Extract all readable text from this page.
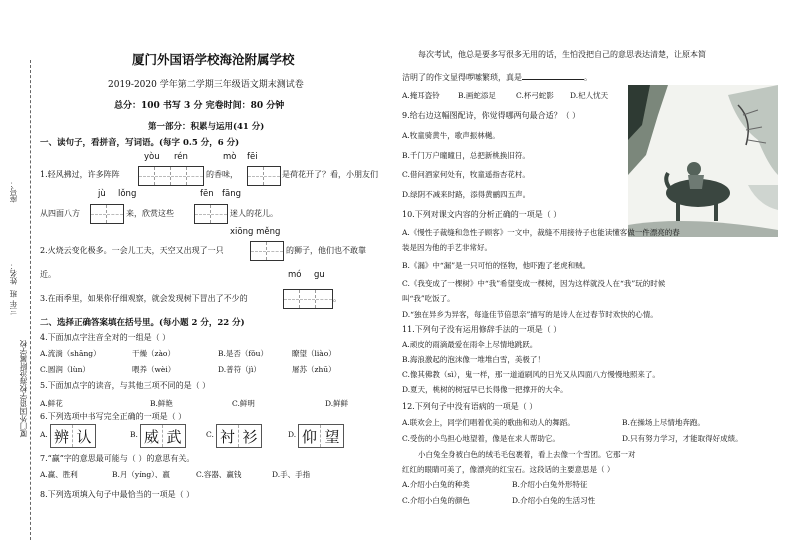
座号：
姓名：
三年 班
厦门外国语学校海沧附属学校
厦门外国语学校海沧附属学校
2019-2020 学年第二学期三年级语文期末测试卷
总分：100 书写 3 分 完卷时间：80 分钟
第一部分：积累与运用(41 分)
一、读句子，看拼音，写词语。(每字 0.5 分，6 分)
yòu rén	mò fēi
1.轻风拂过，许多阵阵	的香味，	是荷花开了？看，小朋友们
jù lǒng	fēn fāng
从四面八方	来，欣赏这些	迷人的花儿。
xiōng měng
2.火烧云变化极多。一会儿工夫，天空又出现了一只	的狮子，他们也不敢靠
近。	mó gu
3.在雨季里，如果你仔细观察，就会发现树下冒出了不少的	。
二、选择正确答案填在括号里。(每小题 2 分，22 分)
4.下面加点字注音全对的一组是（ ）
A.流淌（shāng）	干燥（zào）	B.是否（fǒu）	瞭望（liào）
C.圆润（lùn）	喂养（wèi）	D.普符（jì）	屠苏（zhū）
5.下面加点字的读音，与其他三项不同的是（ ）
A.鲜花	B.鲜艳	C.鲜明	D.鲜鲜
6.下列选项中书写完全正确的一项是（ ）
A. 辨 认	B. 威 武	C. 衬 衫	D. 仰 望
7.“赢”字的意思最可能与（ ）的意思有关。
A.赢、胜利	B.月（yíng）、嬴	C.容器、赢钱	D.手、手指
8.下列选项填入句子中最恰当的一项是（ ）
每次考试，他总是要多写很多无用的话，生怕没把自己的意思表达清楚，让原本简
洁明了的作文显得啰嗦繁琐，真是	。
A.掩耳盗铃 B.画蛇添足	C.杯弓蛇影 D.杞人忧天
9.给右边这幅图配诗，你觉得哪两句最合适？（ ）
A.牧童骑黄牛，歌声振林樾。
B.千门万户曈曈日，总把新桃换旧符。
C.借问酒家何处有，牧童遥指杏花村。
D.绿阴不减来时路，添得黄鹂四五声。
10.下列对课文内容的分析正确的一项是（ ）
A.《慢性子裁缝和急性子顾客》一文中，裁缝不用接待子也能读懂客做一件漂亮的春
装是因为他的手艺非常好。
B.《漏》中“漏”是一只可怕的怪物，他吓跑了老虎和贼。
C.《我变成了一棵树》中“我”希望变成一棵树，因为这样就没人在“我”玩的时候
叫“我”吃饭了。
D.“独在异乡为异客，每逢佳节倍思亲”描写的是诗人在过春节时欢快的心情。
11.下列句子没有运用修辞手法的一项是（ ）
A.顽皮的雨滴最爱在雨伞上尽情地跳跃。
B.海浪激起的泡沫像一堆堆白雪，美极了！
C.像其佛教（sì），鬼一样，那一道道刷风的日光又从四面八方慢慢地照来了。
D.夏天，桃树的树冠早已长得像一把撑开的大伞。
12.下列句子中没有语病的一项是（ ）
A.联欢会上，同学们唱着优美的歌曲和动人的舞蹈。	B.在操场上尽情地奔跑。
C.受伤的小鸟担心地望着，像是在求人帮助它。	D.只有努力学习，才能取得好成绩。
小白兔全身被白色的绒毛毛包裹着，看上去像一个雪团。它那一对
红红的眼睛可美了，像漂亮的红宝石。这段话的主要意思是（ ）
A.介绍小白兔的种类	B.介绍小白兔外形特征
C.介绍小白兔的颜色	D.介绍小白兔的生活习性
